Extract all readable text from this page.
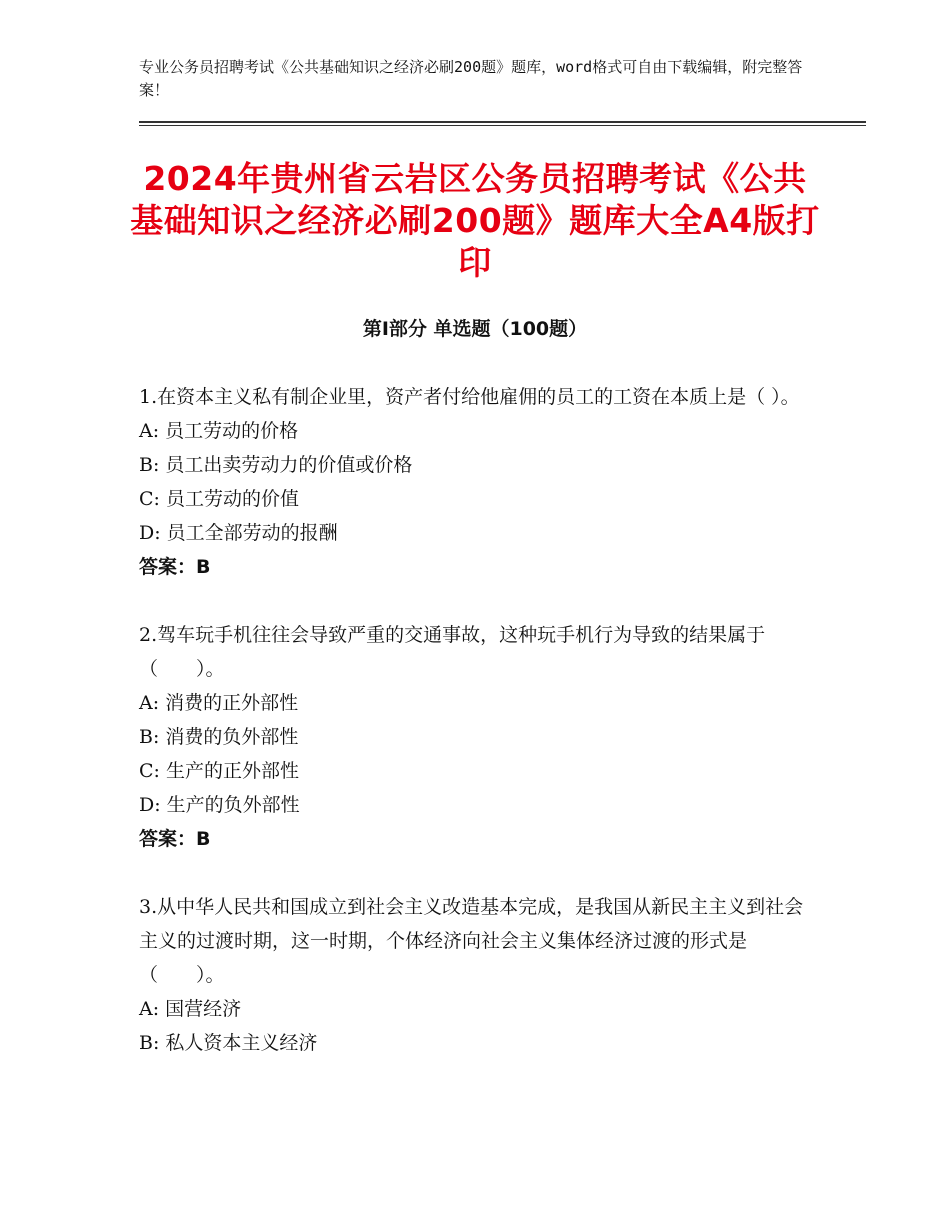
专业公务员招聘考试《公共基础知识之经济必刷200题》题库，word格式可自由下载编辑，附完整答案！
2024年贵州省云岩区公务员招聘考试《公共基础知识之经济必刷200题》题库大全A4版打印
第Ⅰ部分 单选题（100题）

1.在资本主义私有制企业里，资产者付给他雇佣的员工的工资在本质上是（ ）。

A: 员工劳动的价格

B: 员工出卖劳动力的价值或价格

C: 员工劳动的价值

D: 员工全部劳动的报酬

答案：B

2.驾车玩手机往往会导致严重的交通事故，这种玩手机行为导致的结果属于（　　）。

A: 消费的正外部性

B: 消费的负外部性

C: 生产的正外部性

D: 生产的负外部性

答案：B

3.从中华人民共和国成立到社会主义改造基本完成，是我国从新民主主义到社会主义的过渡时期，这一时期，个体经济向社会主义集体经济过渡的形式是（　　）。

A: 国营经济

B: 私人资本主义经济
